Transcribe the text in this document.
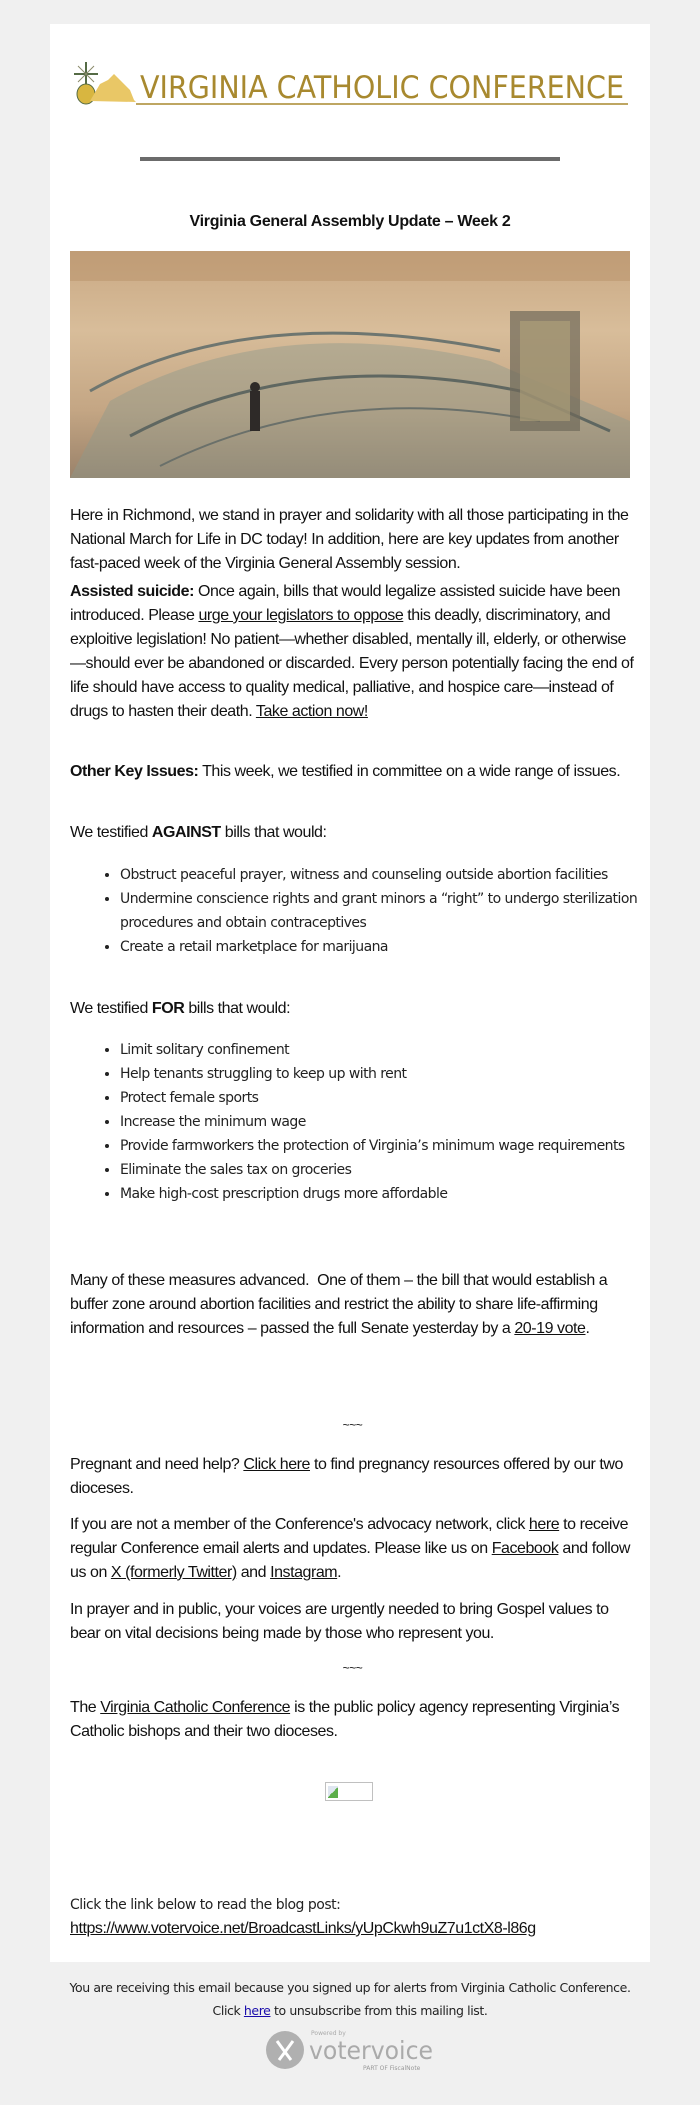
VIRGINIA CATHOLIC CONFERENCE
Virginia General Assembly Update – Week 2

Here in Richmond, we stand in prayer and solidarity with all those participating in the National March for Life in DC today! In addition, here are key updates from another fast-paced week of the Virginia General Assembly session.

Assisted suicide: Once again, bills that would legalize assisted suicide have been introduced. Please urge your legislators to oppose this deadly, discriminatory, and exploitive legislation! No patient—whether disabled, mentally ill, elderly, or otherwise—should ever be abandoned or discarded. Every person potentially facing the end of life should have access to quality medical, palliative, and hospice care—instead of drugs to hasten their death. Take action now!

Other Key Issues: This week, we testified in committee on a wide range of issues.

We testified AGAINST bills that would:

• Obstruct peaceful prayer, witness and counseling outside abortion facilities
• Undermine conscience rights and grant minors a “right” to undergo sterilization procedures and obtain contraceptives
• Create a retail marketplace for marijuana

We testified FOR bills that would:

• Limit solitary confinement
• Help tenants struggling to keep up with rent
• Protect female sports
• Increase the minimum wage
• Provide farmworkers the protection of Virginia’s minimum wage requirements
• Eliminate the sales tax on groceries
• Make high-cost prescription drugs more affordable

Many of these measures advanced.  One of them – the bill that would establish a buffer zone around abortion facilities and restrict the ability to share life-affirming information and resources – passed the full Senate yesterday by a 20-19 vote.

~~~

Pregnant and need help? Click here to find pregnancy resources offered by our two dioceses.

If you are not a member of the Conference's advocacy network, click here to receive regular Conference email alerts and updates. Please like us on Facebook and follow us on X (formerly Twitter) and Instagram.

In prayer and in public, your voices are urgently needed to bring Gospel values to bear on vital decisions being made by those who represent you.

~~~

The Virginia Catholic Conference is the public policy agency representing Virginia’s Catholic bishops and their two dioceses.

Click the link below to read the blog post:

https://www.votervoice.net/BroadcastLinks/yUpCkwh9uZ7u1ctX8-l86g
You are receiving this email because you signed up for alerts from Virginia Catholic Conference.
Click here to unsubscribe from this mailing list.
Powered by
votervoice
PART OF FiscalNote
